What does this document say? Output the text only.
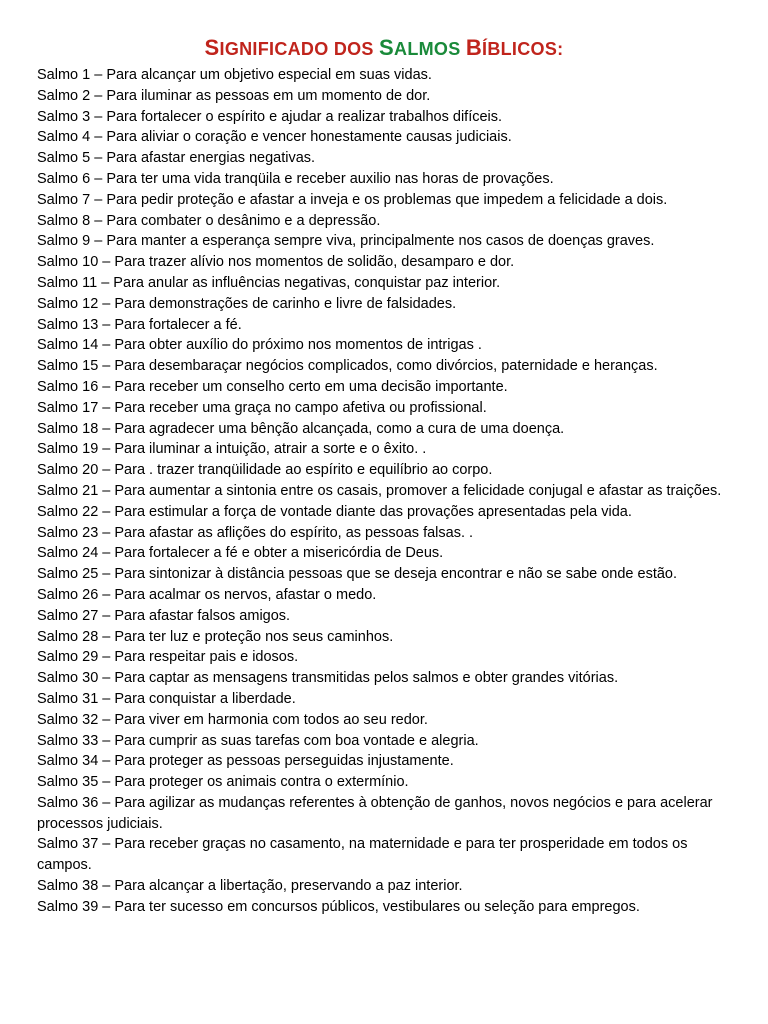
SIGNIFICADO DOS SALMOS BÍBLICOS:
Salmo 1 – Para alcançar um objetivo especial em suas vidas.
Salmo 2 – Para iluminar as pessoas em um momento de dor.
Salmo 3 – Para fortalecer o espírito e ajudar a realizar trabalhos difíceis.
Salmo 4 – Para aliviar o coração e vencer honestamente causas judiciais.
Salmo 5 – Para afastar energias negativas.
Salmo 6 – Para ter uma vida tranqüila e receber auxilio nas horas de provações.
Salmo 7 – Para pedir proteção e afastar a inveja e os problemas que impedem a felicidade a dois.
Salmo 8 – Para combater o desânimo e a depressão.
Salmo 9 – Para manter a esperança sempre viva, principalmente nos casos de doenças graves.
Salmo 10 – Para trazer alívio nos momentos de solidão, desamparo e dor.
Salmo 11 – Para anular as influências negativas, conquistar paz interior.
Salmo 12 – Para demonstrações de carinho e livre de falsidades.
Salmo 13 – Para fortalecer a fé.
Salmo 14 – Para obter auxílio do próximo nos momentos de intrigas .
Salmo 15 – Para desembaraçar negócios complicados, como divórcios, paternidade e heranças.
Salmo 16 – Para receber um conselho certo em uma decisão importante.
Salmo 17 – Para receber uma graça no campo afetiva ou profissional.
Salmo 18 – Para agradecer uma bênção alcançada, como a cura de uma doença.
Salmo 19 – Para iluminar a intuição, atrair a sorte e o êxito. .
Salmo 20 – Para . trazer tranqüilidade ao espírito e equilíbrio ao corpo.
Salmo 21 – Para aumentar a sintonia entre os casais, promover a felicidade conjugal e afastar as traições.
Salmo 22 – Para estimular a força de vontade diante das provações apresentadas pela vida.
Salmo 23 – Para afastar as aflições do espírito, as pessoas falsas. .
Salmo 24 – Para fortalecer a fé e obter a misericórdia de Deus.
Salmo 25 – Para sintonizar à distância pessoas que se deseja encontrar e não se sabe onde estão.
Salmo 26 – Para acalmar os nervos, afastar o medo.
Salmo 27 – Para afastar falsos amigos.
Salmo 28 – Para ter luz e proteção nos seus caminhos.
Salmo 29 – Para respeitar pais e idosos.
Salmo 30 – Para captar as mensagens transmitidas pelos salmos e obter grandes vitórias.
Salmo 31 – Para conquistar a liberdade.
Salmo 32 – Para viver em harmonia com todos ao seu redor.
Salmo 33 – Para cumprir as suas tarefas com boa vontade e alegria.
Salmo 34 – Para proteger as pessoas perseguidas injustamente.
Salmo 35 – Para proteger os animais contra o extermínio.
Salmo 36 – Para agilizar as mudanças referentes à obtenção de ganhos, novos negócios e para acelerar processos judiciais.
Salmo 37 – Para receber graças no casamento, na maternidade e para ter prosperidade em todos os campos.
Salmo 38 – Para alcançar a libertação, preservando a paz interior.
Salmo 39 – Para ter sucesso em concursos públicos, vestibulares ou seleção para empregos.
